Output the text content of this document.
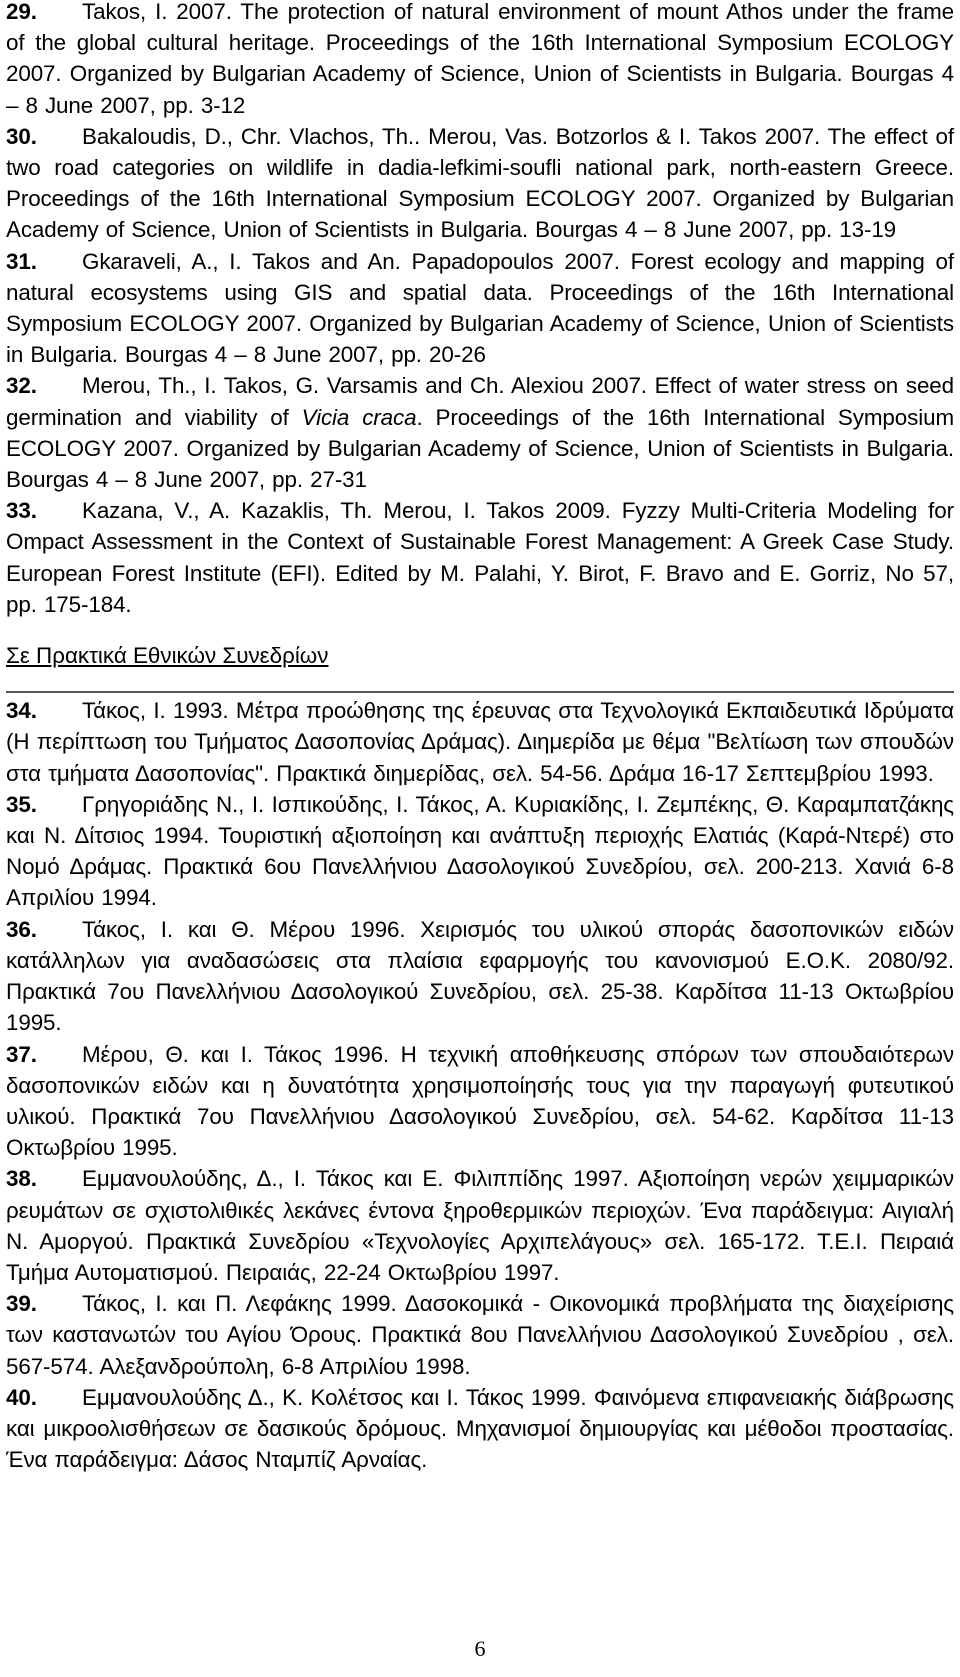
29. Takos, I. 2007. The protection of natural environment of mount Athos under the frame of the global cultural heritage. Proceedings of the 16th International Symposium ECOLOGY 2007. Organized by Bulgarian Academy of Science, Union of Scientists in Bulgaria. Bourgas 4 – 8 June 2007, pp. 3-12
30. Bakaloudis, D., Chr. Vlachos, Th.. Merou, Vas. Botzorlos & I. Takos 2007. The effect of two road categories on wildlife in dadia-lefkimi-soufli national park, north-eastern Greece. Proceedings of the 16th International Symposium ECOLOGY 2007. Organized by Bulgarian Academy of Science, Union of Scientists in Bulgaria. Bourgas 4 – 8 June 2007, pp. 13-19
31. Gkaraveli, A., I. Takos and An. Papadopoulos 2007. Forest ecology and mapping of natural ecosystems using GIS and spatial data. Proceedings of the 16th International Symposium ECOLOGY 2007. Organized by Bulgarian Academy of Science, Union of Scientists in Bulgaria. Bourgas 4 – 8 June 2007, pp. 20-26
32. Merou, Th., I. Takos, G. Varsamis and Ch. Alexiou 2007. Effect of water stress on seed germination and viability of Vicia craca. Proceedings of the 16th International Symposium ECOLOGY 2007. Organized by Bulgarian Academy of Science, Union of Scientists in Bulgaria. Bourgas 4 – 8 June 2007, pp. 27-31
33. Kazana, V., A. Kazaklis, Th. Merou, I. Takos 2009. Fyzzy Multi-Criteria Modeling for Ompact Assessment in the Context of Sustainable Forest Management: A Greek Case Study. European Forest Institute (EFI). Edited by M. Palahi, Y. Birot, F. Bravo and E. Gorriz, No 57, pp. 175-184.
Σε Πρακτικά Εθνικών Συνεδρίων
34. Τάκος, Ι. 1993. Μέτρα προώθησης της έρευνας στα Τεχνολογικά Εκπαιδευτικά Ιδρύματα (Η περίπτωση του Τμήματος Δασοπονίας Δράμας). Διημερίδα με θέμα "Βελτίωση των σπουδών στα τμήματα Δασοπονίας". Πρακτικά διημερίδας, σελ. 54-56. Δράμα 16-17 Σεπτεμβρίου 1993.
35. Γρηγοριάδης Ν., Ι. Ισπικούδης, Ι. Τάκος, Α. Κυριακίδης, Ι. Ζεμπέκης, Θ. Καραμπατζάκης και Ν. Δίτσιος 1994. Τουριστική αξιοποίηση και ανάπτυξη περιοχής Ελατιάς (Καρά-Ντερέ) στο Νομό Δράμας. Πρακτικά 6ου Πανελλήνιου Δασολογικού Συνεδρίου, σελ. 200-213. Χανιά 6-8 Απριλίου 1994.
36. Τάκος, Ι. και Θ. Μέρου 1996. Χειρισμός του υλικού σποράς δασοπονικών ειδών κατάλληλων για αναδασώσεις στα πλαίσια εφαρμογής του κανονισμού Ε.Ο.Κ. 2080/92. Πρακτικά 7ου Πανελλήνιου Δασολογικού Συνεδρίου, σελ. 25-38. Καρδίτσα 11-13 Οκτωβρίου 1995.
37. Μέρου, Θ. και Ι. Τάκος 1996. Η τεχνική αποθήκευσης σπόρων των σπουδαιότερων δασοπονικών ειδών και η δυνατότητα χρησιμοποίησής τους για την παραγωγή φυτευτικού υλικού. Πρακτικά 7ου Πανελλήνιου Δασολογικού Συνεδρίου, σελ. 54-62. Καρδίτσα 11-13 Οκτωβρίου 1995.
38. Εμμανουλούδης, Δ., Ι. Τάκος και Ε. Φιλιππίδης 1997. Αξιοποίηση νερών χειμμαρικών ρευμάτων σε σχιστολιθικές λεκάνες έντονα ξηροθερμικών περιοχών. Ένα παράδειγμα: Αιγιαλή Ν. Αμοργού. Πρακτικά Συνεδρίου «Τεχνολογίες Αρχιπελάγους» σελ. 165-172. Τ.Ε.Ι. Πειραιά Τμήμα Αυτοματισμού. Πειραιάς, 22-24 Οκτωβρίου 1997.
39. Τάκος, Ι. και Π. Λεφάκης 1999. Δασοκομικά - Οικονομικά προβλήματα της διαχείρισης των καστανωτών του Αγίου Όρους. Πρακτικά 8ου Πανελλήνιου Δασολογικού Συνεδρίου , σελ. 567-574. Αλεξανδρούπολη, 6-8 Απριλίου 1998.
40. Εμμανουλούδης Δ., Κ. Κολέτσος και Ι. Τάκος 1999. Φαινόμενα επιφανειακής διάβρωσης και μικροολισθήσεων σε δασικούς δρόμους. Μηχανισμοί δημιουργίας και μέθοδοι προστασίας. Ένα παράδειγμα: Δάσος Νταμπίζ Αρναίας.
6
